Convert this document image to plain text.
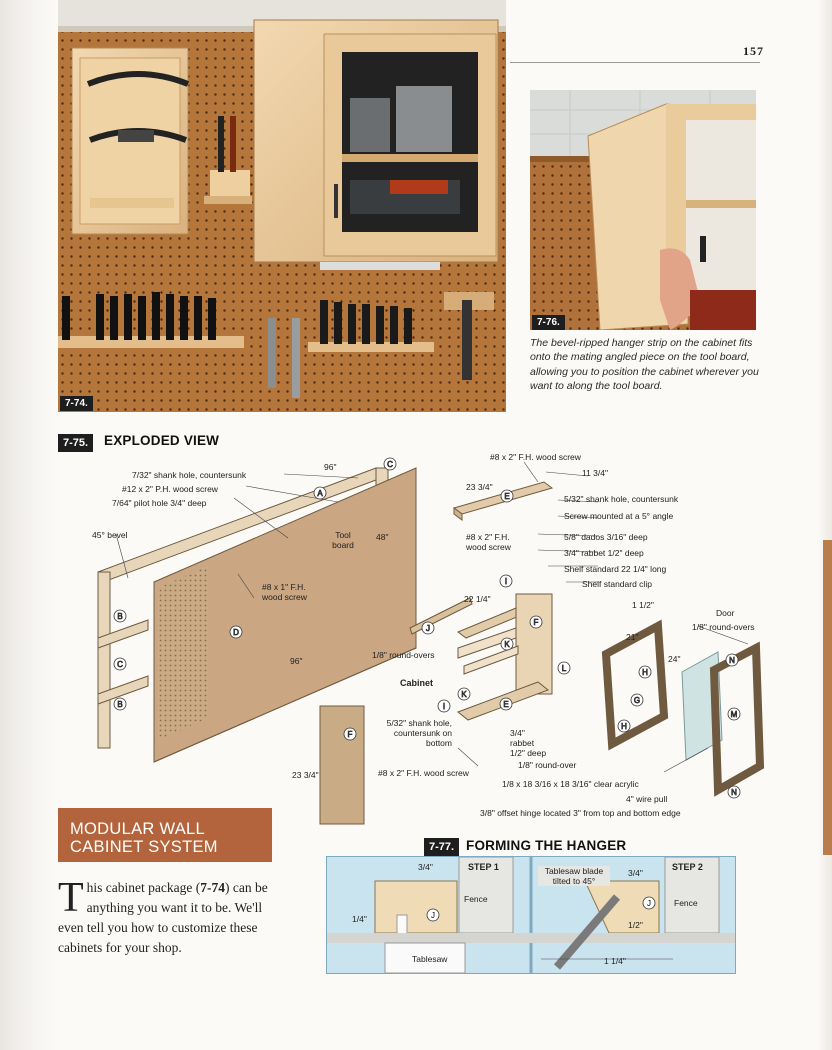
157
7-74.
7-76.
The bevel-ripped hanger strip on the cabinet fits onto the mating angled piece on the tool board, allowing you to position the cabinet wherever you want to along the tool board.
7-75.	EXPLODED VIEW
A
C
B
C
B
D
E
I
J
F
K
L
K
I	E
F
H
G
H
N
M
N
7/32" shank hole, countersunk
#12 x 2" P.H. wood screw
7/64" pilot hole 3/4" deep
45° bevel
96"
Tool board
48"
#8 x 1" F.H. wood screw
96"
#8 x 2" F.H. wood screw
11 3/4"
23 3/4"
5/32" shank hole, countersunk
Screw mounted at a 5° angle
#8 x 2" F.H. wood screw
5/8" dados 3/16" deep
3/4" rabbet 1/2" deep
Shelf standard 22 1/4" long
Shelf standard clip
22 1/4"
1 1/2"
Door
1/8" round-overs
21"
1/8" round-overs	24"
Cabinet
5/32" shank hole, countersunk on bottom
3/4" rabbet 1/2" deep
23 3/4"	#8 x 2" F.H. wood screw
1/8" round-over
1/8 x 18 3/16 x 18 3/16" clear acrylic
4" wire pull
3/8" offset hinge located 3" from top and bottom edge
MODULAR WALL
CABINET SYSTEM
This cabinet package (7-74) can be anything you want it to be. We'll even tell you how to customize these cabinets for your shop.
7-77. FORMING THE HANGER
J
J
STEP 1	STEP 2
Fence	Fence
3/4"
1/4"
Tablesaw
Tablesaw blade tilted to 45°
3/4"
1/2"
1 1/4"
